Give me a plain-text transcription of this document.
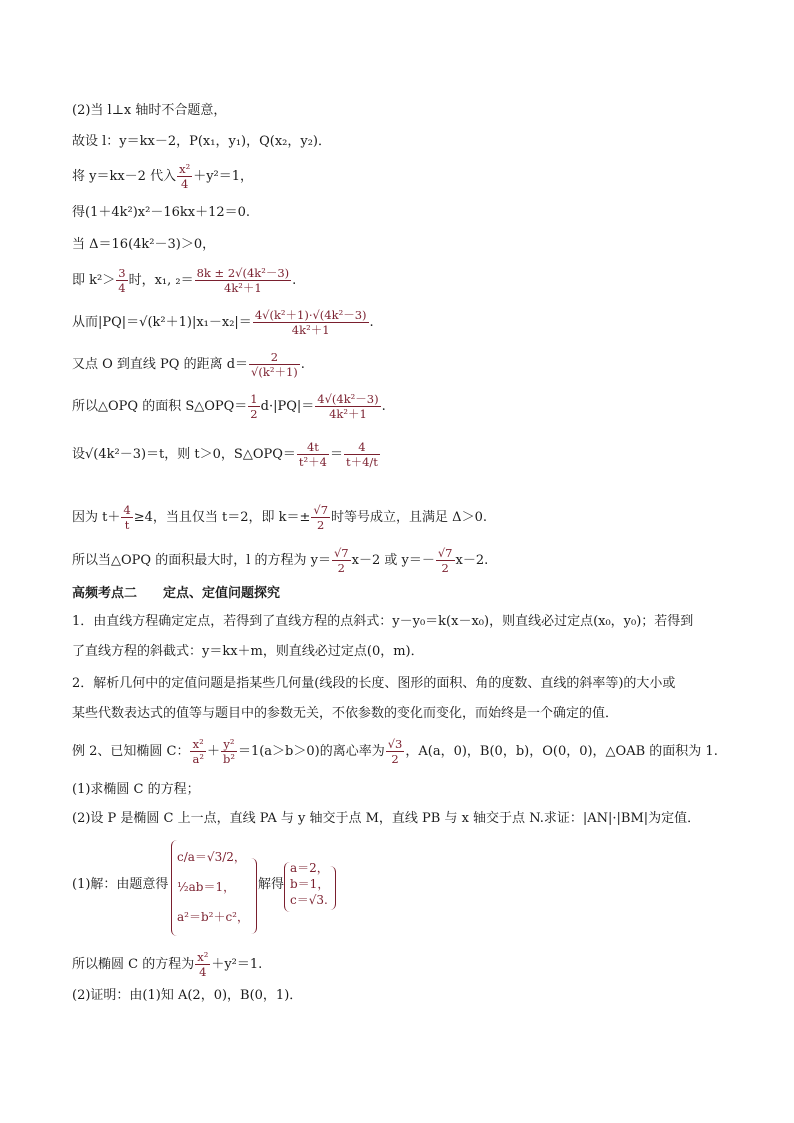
(2)当 l⊥x 轴时不合题意，
故设 l：y＝kx－2，P(x₁，y₁)，Q(x₂，y₂)．
将 y＝kx－2 代入 $\frac{\text{x²}}{4} +y^2=1$，
得(1＋4k²)x²－16kx＋12＝0.
当 Δ＝16(4k²－3)＞0，
即 $k^2> \frac{3}{4}$ 时，x₁, $_2= \frac{\text{8k ± 2√(4k²－3)}}{\text{4k²＋1}}$ .
从而$|PQ|=√(k^2+1)|x_1-x_2|= \frac{\text{4√(k²＋1)·√(4k²－3)}}{\text{4k²＋1}}$ .
又点 O 到直线 PQ 的距离 $d= \frac{2}{\text{√(k²＋1)}}$ .
所以△OPQ 的面积 S△OPQ＝ $\frac{1}{2} d\cdot|PQ|= \frac{\text{4√(4k²－3)}}{\text{4k²＋1}}$ .
设√(4k²－3)＝t，则 t＞0，S△OPQ＝ $\frac{4t}{\text{t²＋4}} = \frac{4}{t+4/t}$
因为 $t+ \frac{4}{t} \ge 4$，当且仅当 t＝2，即 $k=\pm \frac{√7}{2}$ 时等号成立，且满足 Δ＞0.
所以当△OPQ 的面积最大时，l 的方程为 $y= \frac{√7}{2} x-2$ 或 $y=- \frac{√7}{2} x-2$.
高频考点二　　定点、定值问题探究
1．由直线方程确定定点，若得到了直线方程的点斜式：y－y₀＝k(x－x₀)，则直线必过定点(x₀，y₀)；若得到
了直线方程的斜截式：y＝kx＋m，则直线必过定点(0，m)．
2．解析几何中的定值问题是指某些几何量(线段的长度、图形的面积、角的度数、直线的斜率等)的大小或
某些代数表达式的值等与题目中的参数无关，不依参数的变化而变化，而始终是一个确定的值．
例 2、已知椭圆 C： $\frac{\text{x²}}{\text{a²}} + \frac{\text{y²}}{\text{b²}} =1(a>b>0)$的离心率为 $\frac{√3}{2}$ ，A(a，0)，B(0，b)，O(0，0)，△OAB 的面积为 1.
(1)求椭圆 C 的方程；
(2)设 P 是椭圆 C 上一点，直线 PA 与 y 轴交于点 M，直线 PB 与 x 轴交于点 N.求证：|AN|·|BM|为定值．
(1)解：由题意得
c/a＝√3/2，
½ab＝1，
a²＝b²＋c²，
解得
a＝2，
b＝1，
c＝√3.
所以椭圆 C 的方程为 $\frac{\text{x²}}{4} +y^2=1$.
(2)证明：由(1)知 A(2，0)，B(0，1)．
